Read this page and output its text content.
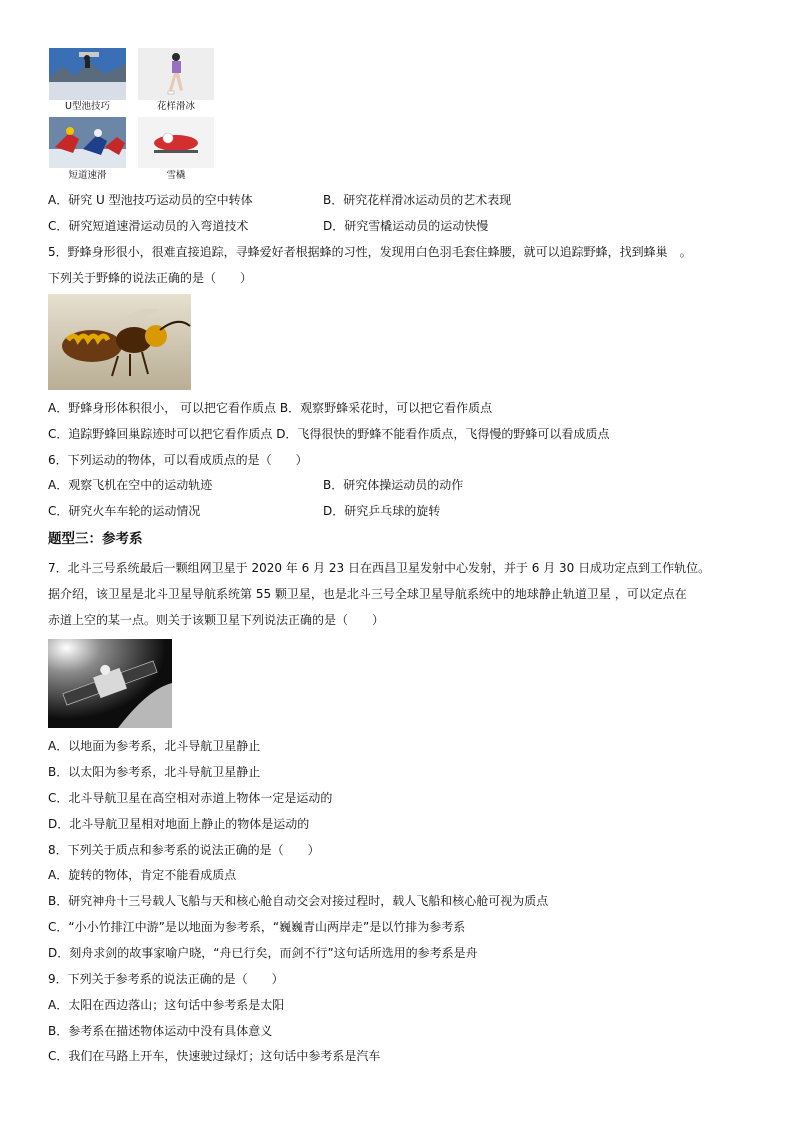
U型池技巧	花样滑冰
短道速滑	雪橇
A．研究 U 型池技巧运动员的空中转体	B．研究花样滑冰运动员的艺术表现
C．研究短道速滑运动员的入弯道技术	D．研究雪橇运动员的运动快慢
5．野蜂身形很小，很难直接追踪，寻蜂爱好者根据蜂的习性，发现用白色羽毛套住蜂腰，就可以追踪野蜂，找到蜂巢　。
下列关于野蜂的说法正确的是（　　）
A．野蜂身形体积很小， 可以把它看作质点 B．观察野蜂采花时，可以把它看作质点
C．追踪野蜂回巢踪迹时可以把它看作质点 D．飞得很快的野蜂不能看作质点，飞得慢的野蜂可以看成质点
6．下列运动的物体，可以看成质点的是（　　）
A．观察飞机在空中的运动轨迹	B．研究体操运动员的动作
C．研究火车车轮的运动情况	D．研究乒乓球的旋转
题型三：参考系
7．北斗三号系统最后一颗组网卫星于 2020 年 6 月 23 日在西昌卫星发射中心发射，并于 6 月 30 日成功定点到工作轨位。
据介绍，该卫星是北斗卫星导航系统第 55 颗卫星，也是北斗三号全球卫星导航系统中的地球静止轨道卫星 ，可以定点在
赤道上空的某一点。则关于该颗卫星下列说法正确的是（　　）
A．以地面为参考系，北斗导航卫星静止
B．以太阳为参考系，北斗导航卫星静止
C．北斗导航卫星在高空相对赤道上物体一定是运动的
D．北斗导航卫星相对地面上静止的物体是运动的
8．下列关于质点和参考系的说法正确的是（　　）
A．旋转的物体，肯定不能看成质点
B．研究神舟十三号载人飞船与天和核心舱自动交会对接过程时，载人飞船和核心舱可视为质点
C．“小小竹排江中游”是以地面为参考系，“巍巍青山两岸走”是以竹排为参考系
D．刻舟求剑的故事家喻户晓，“舟已行矣，而剑不行”这句话所选用的参考系是舟
9．下列关于参考系的说法正确的是（　　）
A．太阳在西边落山；这句话中参考系是太阳
B．参考系在描述物体运动中没有具体意义
C．我们在马路上开车，快速驶过绿灯；这句话中参考系是汽车
